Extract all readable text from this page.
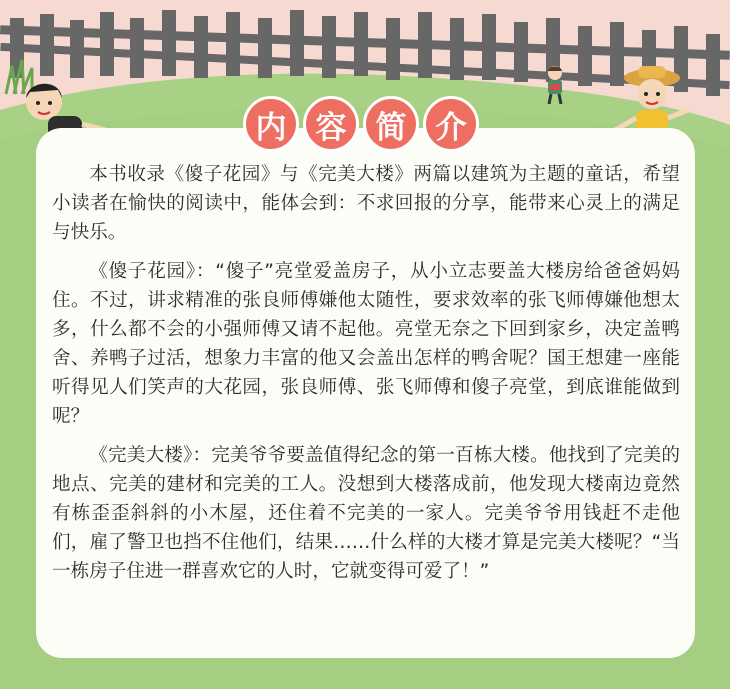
内 容 简 介

本书收录《傻子花园》与《完美大楼》两篇以建筑为主题的童话，希望小读者在愉快的阅读中，能体会到：不求回报的分享，能带来心灵上的满足与快乐。

《傻子花园》：“傻子”亮堂爱盖房子，从小立志要盖大楼房给爸爸妈妈住。不过，讲求精准的张良师傅嫌他太随性，要求效率的张飞师傅嫌他想太多，什么都不会的小强师傅又请不起他。亮堂无奈之下回到家乡，决定盖鸭舍、养鸭子过活，想象力丰富的他又会盖出怎样的鸭舍呢？国王想建一座能听得见人们笑声的大花园，张良师傅、张飞师傅和傻子亮堂，到底谁能做到呢？

《完美大楼》：完美爷爷要盖值得纪念的第一百栋大楼。他找到了完美的地点、完美的建材和完美的工人。没想到大楼落成前，他发现大楼南边竟然有栋歪歪斜斜的小木屋，还住着不完美的一家人。完美爷爷用钱赶不走他们，雇了警卫也挡不住他们，结果……什么样的大楼才算是完美大楼呢？“当一栋房子住进一群喜欢它的人时，它就变得可爱了！”
